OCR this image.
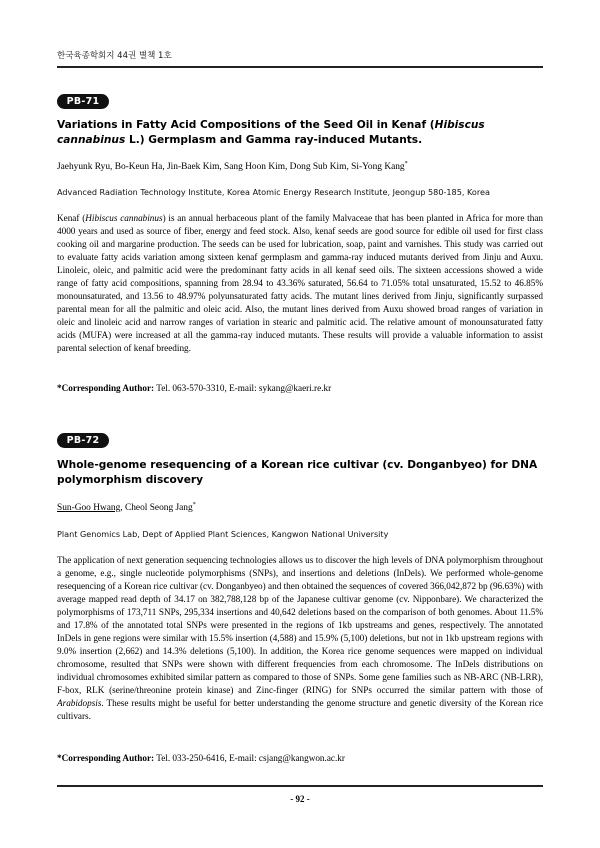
한국육종학회지 44권 별책 1호
PB-71
Variations in Fatty Acid Compositions of the Seed Oil in Kenaf (Hibiscus cannabinus L.) Germplasm and Gamma ray-induced Mutants.
Jaehyunk Ryu, Bo-Keun Ha, Jin-Baek Kim, Sang Hoon Kim, Dong Sub Kim, Si-Yong Kang*
Advanced Radiation Technology Institute, Korea Atomic Energy Research Institute, Jeongup 580-185, Korea

Kenaf (Hibiscus cannabinus) is an annual herbaceous plant of the family Malvaceae that has been planted in Africa for more than 4000 years and used as source of fiber, energy and feed stock. Also, kenaf seeds are good source for edible oil used for first class cooking oil and margarine production. The seeds can be used for lubrication, soap, paint and varnishes. This study was carried out to evaluate fatty acids variation among sixteen kenaf germplasm and gamma-ray induced mutants derived from Jinju and Auxu. Linoleic, oleic, and palmitic acid were the predominant fatty acids in all kenaf seed oils. The sixteen accessions showed a wide range of fatty acid compositions, spanning from 28.94 to 43.36% saturated, 56.64 to 71.05% total unsaturated, 15.52 to 46.85% monounsaturated, and 13.56 to 48.97% polyunsaturated fatty acids. The mutant lines derived from Jinju, significantly surpassed parental mean for all the palmitic and oleic acid. Also, the mutant lines derived from Auxu showed broad ranges of variation in oleic and linoleic acid and narrow ranges of variation in stearic and palmitic acid. The relative amount of monounsaturated fatty acids (MUFA) were increased at all the gamma-ray induced mutants. These results will provide a valuable information to assist parental selection of kenaf breeding.

*Corresponding Author: Tel. 063-570-3310, E-mail: sykang@kaeri.re.kr
PB-72
Whole-genome resequencing of a Korean rice cultivar (cv. Donganbyeo) for DNA polymorphism discovery
Sun-Goo Hwang, Cheol Seong Jang*
Plant Genomics Lab, Dept of Applied Plant Sciences, Kangwon National University

The application of next generation sequencing technologies allows us to discover the high levels of DNA polymorphism throughout a genome, e.g., single nucleotide polymorphisms (SNPs), and insertions and deletions (InDels). We performed whole-genome resequencing of a Korean rice cultivar (cv. Donganbyeo) and then obtained the sequences of covered 366,042,872 bp (96.63%) with average mapped read depth of 34.17 on 382,788,128 bp of the Japanese cultivar genome (cv. Nipponbare). We characterized the polymorphisms of 173,711 SNPs, 295,334 insertions and 40,642 deletions based on the comparison of both genomes. About 11.5% and 17.8% of the annotated total SNPs were presented in the regions of 1kb upstreams and genes, respectively. The annotated InDels in gene regions were similar with 15.5% insertion (4,588) and 15.9% (5,100) deletions, but not in 1kb upstream regions with 9.0% insertion (2,662) and 14.3% deletions (5,100). In addition, the Korea rice genome sequences were mapped on individual chromosome, resulted that SNPs were shown with different frequencies from each chromosome. The InDels distributions on individual chromosomes exhibited similar pattern as compared to those of SNPs. Some gene families such as NB-ARC (NB-LRR), F-box, RLK (serine/threonine protein kinase) and Zinc-finger (RING) for SNPs occurred the similar pattern with those of Arabidopsis. These results might be useful for better understanding the genome structure and genetic diversity of the Korean rice cultivars.

*Corresponding Author: Tel. 033-250-6416, E-mail: csjang@kangwon.ac.kr
- 92 -
